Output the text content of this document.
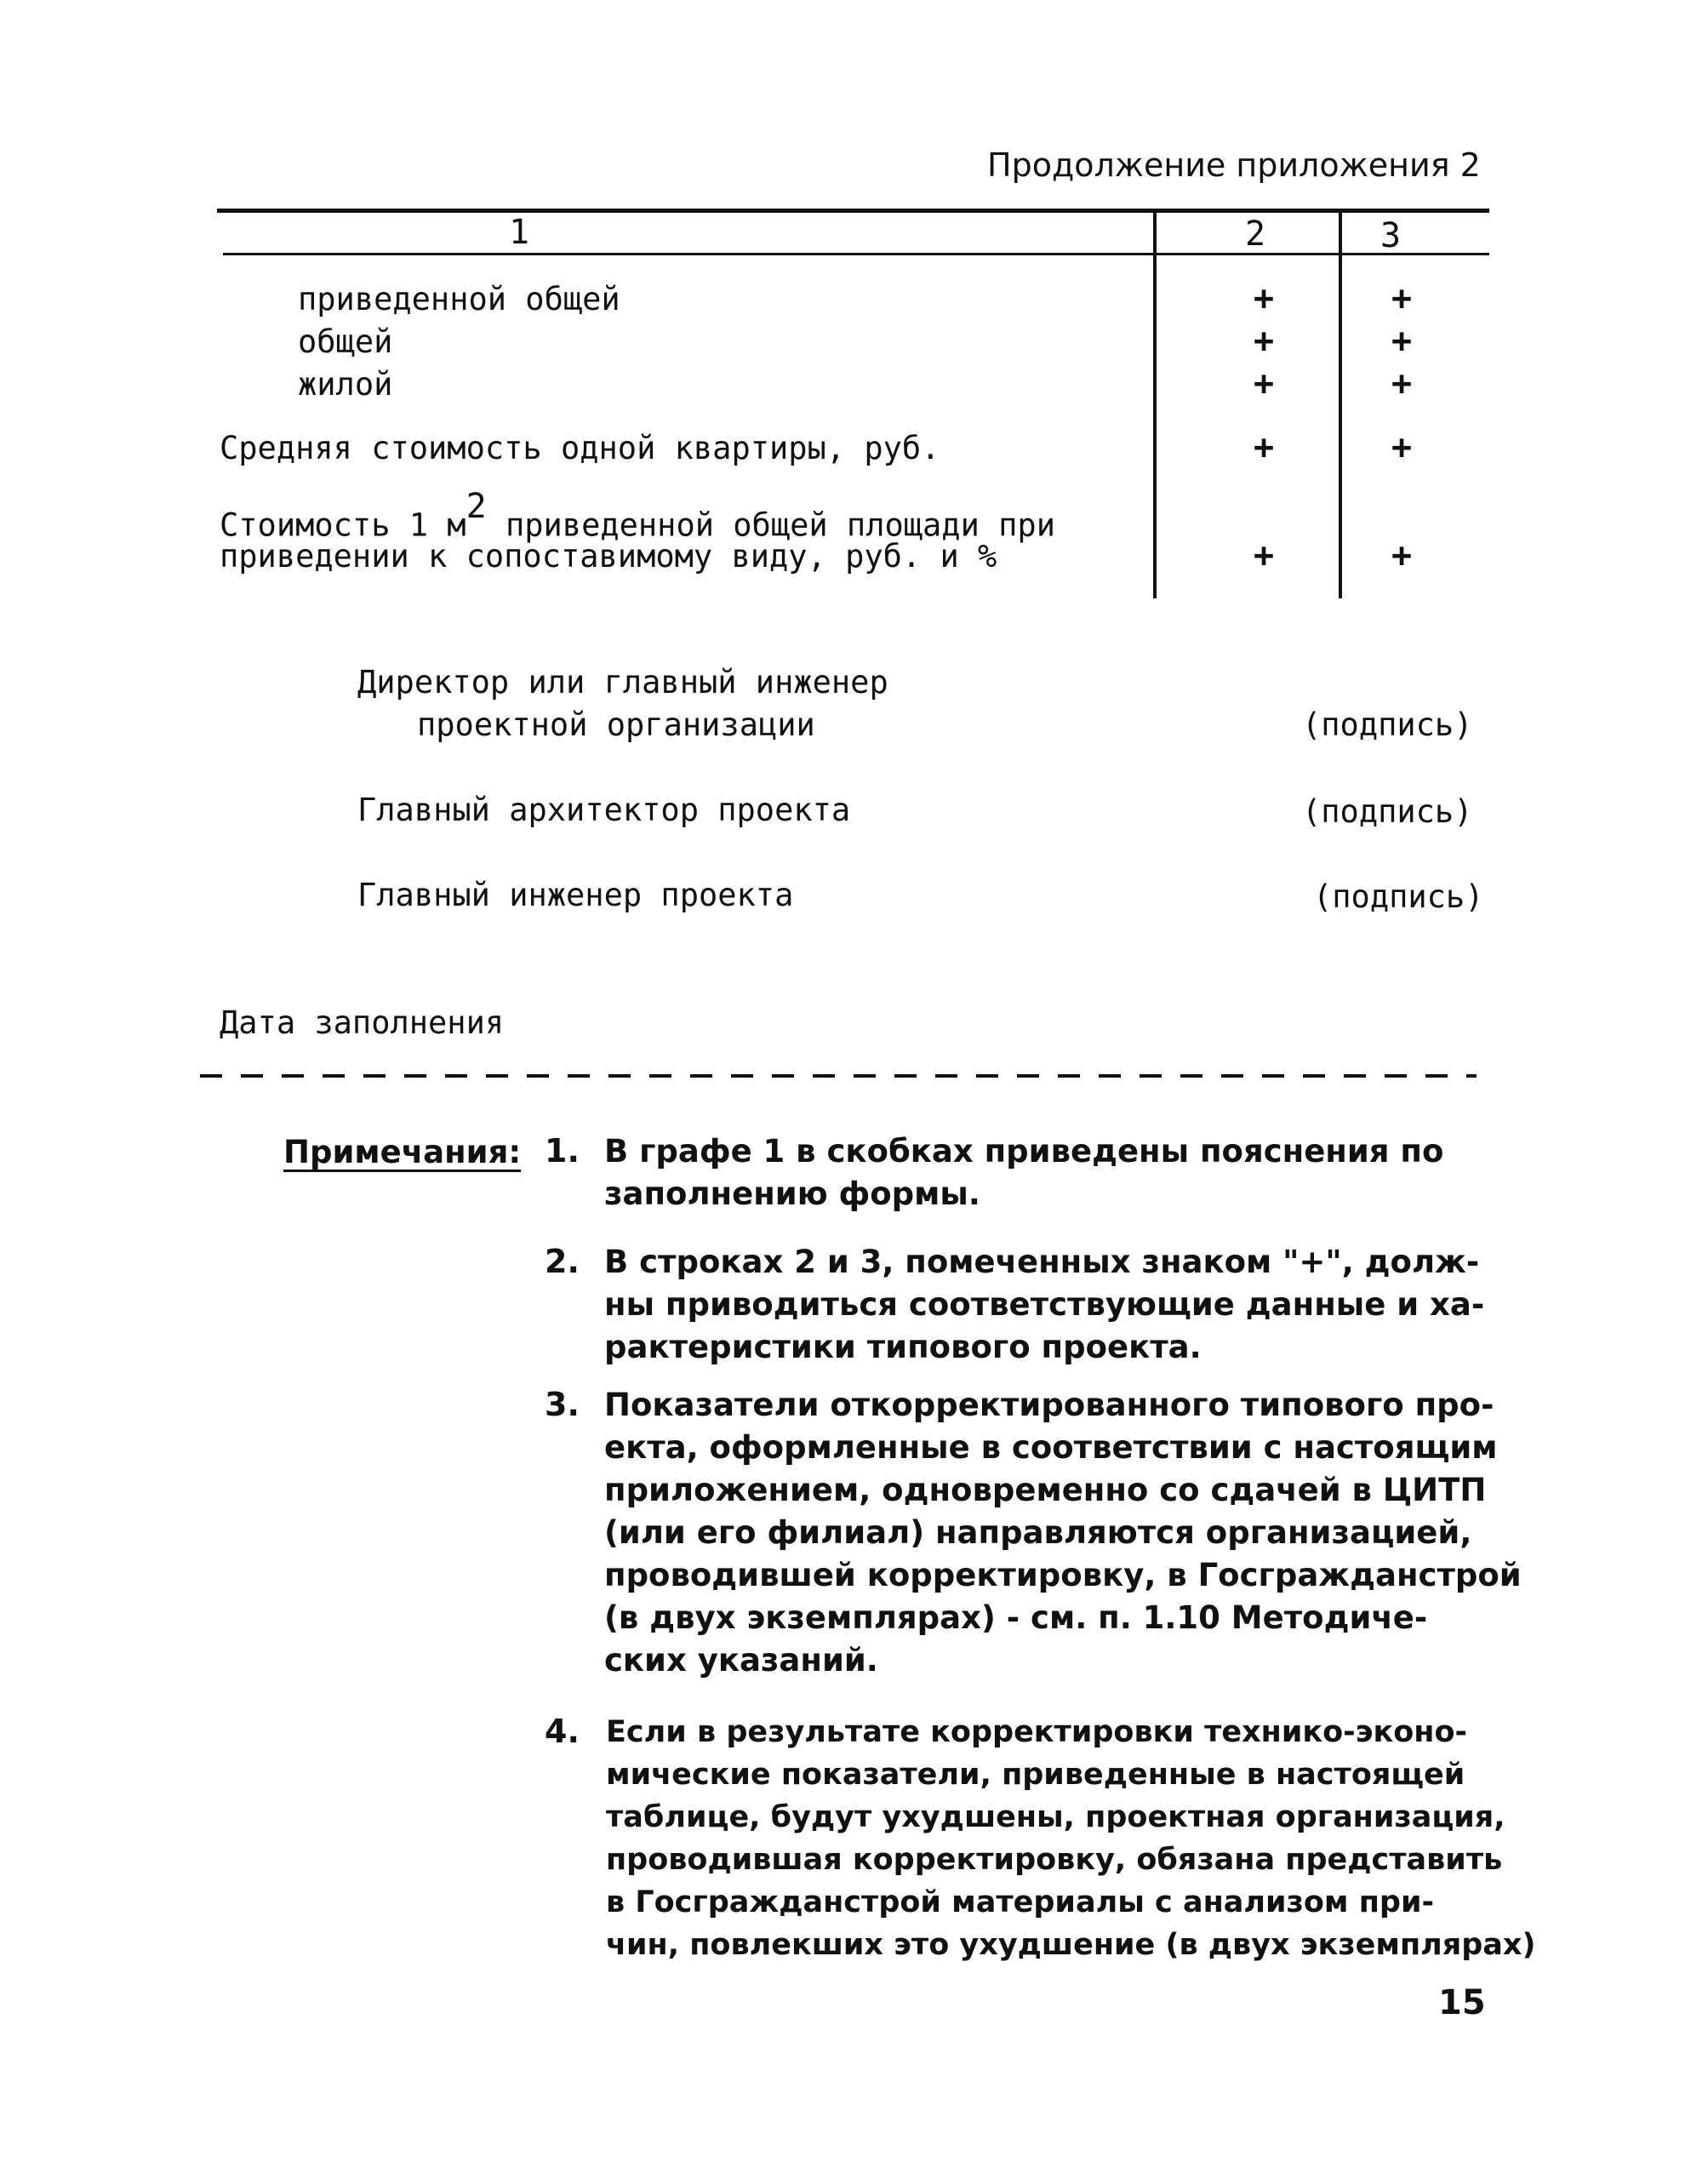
Продолжение приложения 2
1	2	3
приведенной общей	+	+
общей	+	+
жилой	+	+
Средняя стоимость одной квартиры, руб.	+	+
Стоимость 1 $м^2$ приведенной общей площади при
приведении к сопоставимому виду, руб. и %	+	+
Директор или главный инженер
проектной организации	(подпись)
Главный архитектор проекта	(подпись)
Главный инженер проекта	(подпись)
Дата заполнения
Примечания: 1. В графе 1 в скобках приведены пояснения по
заполнению формы.
2. В строках 2 и 3, помеченных знаком "+", долж-
ны приводиться соответствующие данные и ха-
рактеристики типового проекта.
3. Показатели откорректированного типового про-
екта, оформленные в соответствии с настоящим
приложением, одновременно со сдачей в ЦИТП
(или его филиал) направляются организацией,
проводившей корректировку, в Госгражданстрой
(в двух экземплярах) - см. п. 1.10 Методиче-
ских указаний.
4. Если в результате корректировки технико-эконо-
мические показатели, приведенные в настоящей
таблице, будут ухудшены, проектная организация,
проводившая корректировку, обязана представить
в Госгражданстрой материалы с анализом при-
чин, повлекших это ухудшение (в двух экземплярах)
15
